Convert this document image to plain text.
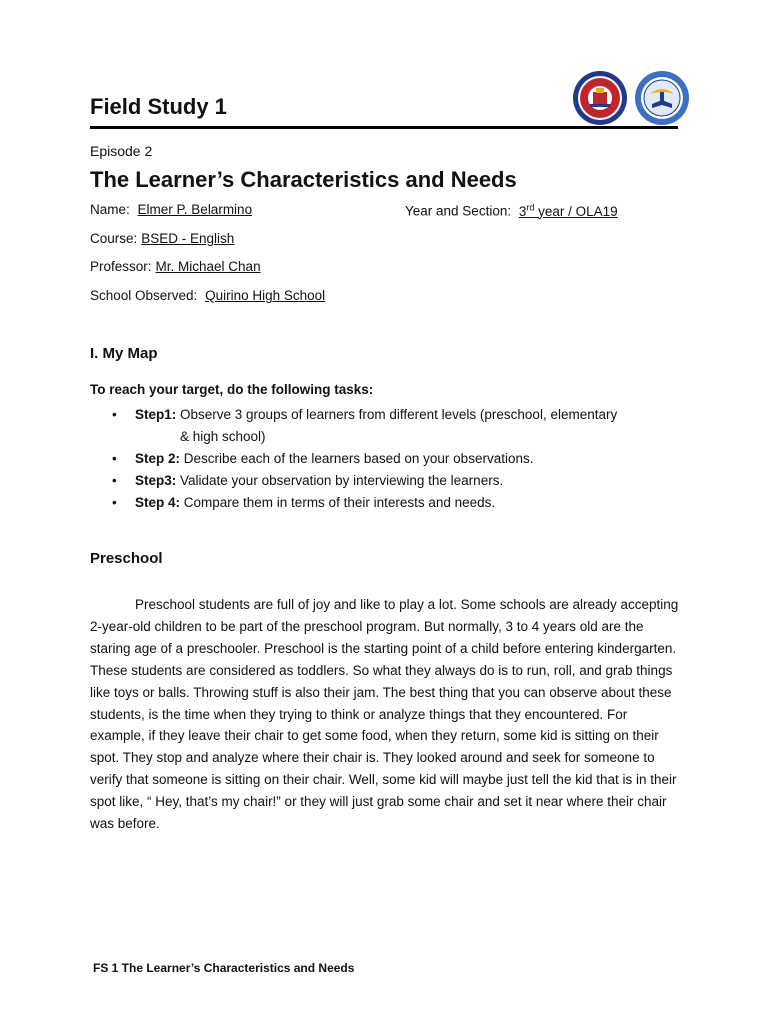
Field Study 1
Episode 2
The Learner’s Characteristics and Needs
Name: Elmer P. Belarmino	Year and Section: 3rd year / OLA19
Course: BSED - English
Professor: Mr. Michael Chan
School Observed: Quirino High School
I. My Map
To reach your target, do the following tasks:
• Step1: Observe 3 groups of learners from different levels (preschool, elementary
& high school)
• Step 2: Describe each of the learners based on your observations.
• Step3: Validate your observation by interviewing the learners.
• Step 4: Compare them in terms of their interests and needs.
Preschool

Preschool students are full of joy and like to play a lot. Some schools are already accepting 2-year-old children to be part of the preschool program. But normally, 3 to 4 years old are the staring age of a preschooler. Preschool is the starting point of a child before entering kindergarten. These students are considered as toddlers. So what they always do is to run, roll, and grab things like toys or balls. Throwing stuff is also their jam. The best thing that you can observe about these students, is the time when they trying to think or analyze things that they encountered. For example, if they leave their chair to get some food, when they return, some kid is sitting on their spot. They stop and analyze where their chair is. They looked around and seek for someone to verify that someone is sitting on their chair. Well, some kid will maybe just tell the kid that is in their spot like, “ Hey, that’s my chair!” or they will just grab some chair and set it near where their chair was before.

FS 1 The Learner’s Characteristics and Needs
